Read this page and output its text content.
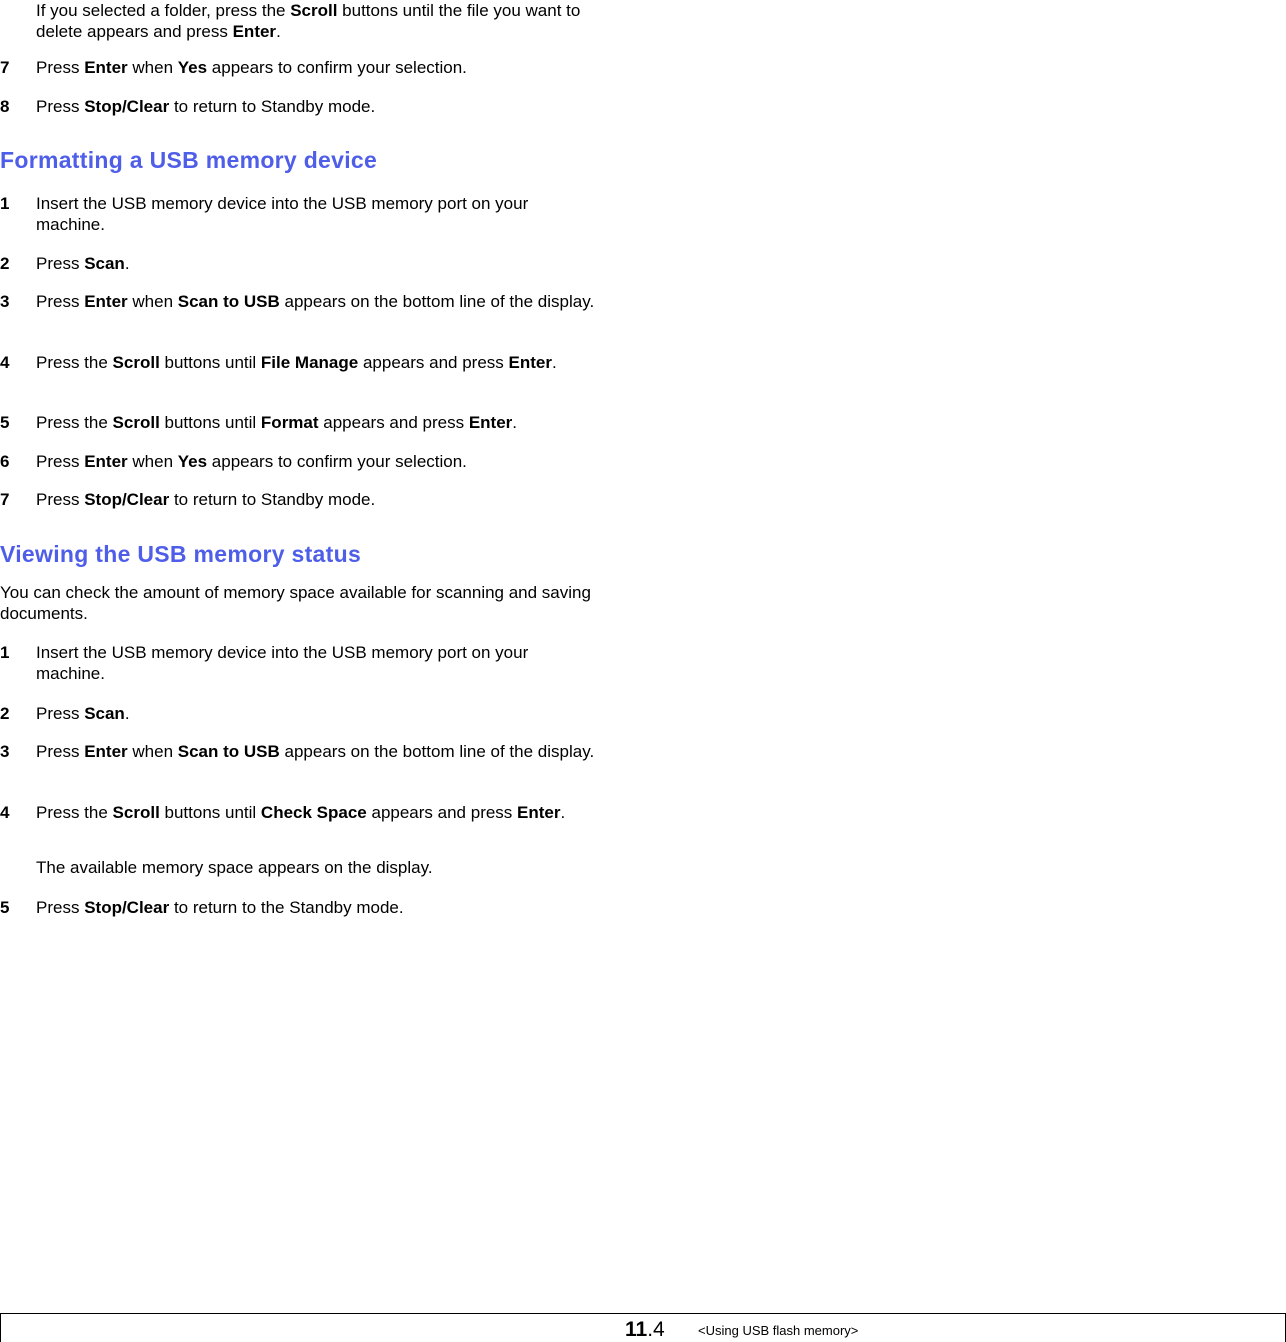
If you selected a folder, press the Scroll buttons until the file you want to delete appears and press Enter.
7 Press Enter when Yes appears to confirm your selection.
8 Press Stop/Clear to return to Standby mode.
Formatting a USB memory device
1 Insert the USB memory device into the USB memory port on your machine.
2 Press Scan.
3 Press Enter when Scan to USB appears on the bottom line of the display.
4 Press the Scroll buttons until File Manage appears and press Enter.
5 Press the Scroll buttons until Format appears and press Enter.
6 Press Enter when Yes appears to confirm your selection.
7 Press Stop/Clear to return to Standby mode.
Viewing the USB memory status
You can check the amount of memory space available for scanning and saving documents.
1 Insert the USB memory device into the USB memory port on your machine.
2 Press Scan.
3 Press Enter when Scan to USB appears on the bottom line of the display.
4 Press the Scroll buttons until Check Space appears and press Enter.
The available memory space appears on the display.
5 Press Stop/Clear to return to the Standby mode.
11.4	<Using USB flash memory>
